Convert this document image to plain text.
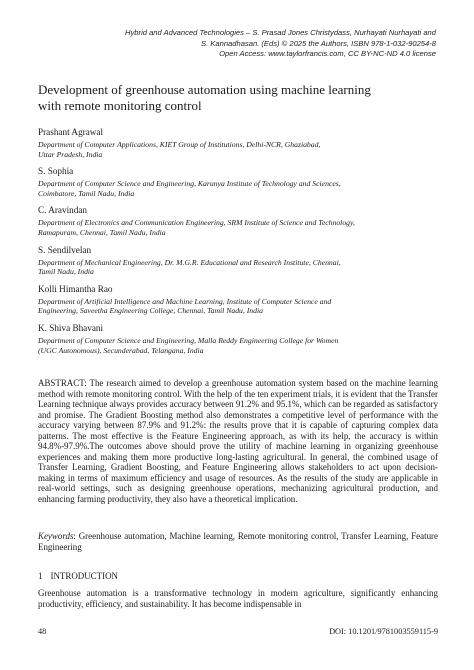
Hybrid and Advanced Technologies – S. Prasad Jones Christydass, Nurhayati Nurhayati and
S. Kannadhasan. (Eds) © 2025 the Authors, ISBN 978-1-032-90254-8
Open Access: www.taylorfrancis.com, CC BY-NC-ND 4.0 license
Development of greenhouse automation using machine learning
with remote monitoring control
Prashant Agrawal
Department of Computer Applications, KIET Group of Institutions, Delhi-NCR, Ghaziabad,
Uttar Pradesh, India
S. Sophia
Department of Computer Science and Engineering, Karunya Institute of Technology and Sciences,
Coimbatore, Tamil Nadu, India
C. Aravindan
Department of Electronics and Communication Engineering, SRM Institute of Science and Technology,
Ramapuram, Chennai, Tamil Nadu, India
S. Sendilvelan
Department of Mechanical Engineering, Dr. M.G.R. Educational and Research Institute, Chennai,
Tamil Nadu, India
Kolli Himantha Rao
Department of Artificial Intelligence and Machine Learning, Institute of Computer Science and
Engineering, Saveetha Engineering College, Chennai, Tamil Nadu, India
K. Shiva Bhavani
Department of Computer Science and Engineering, Malla Reddy Engineering College for Women
(UGC Autonomous), Secunderabad, Telangana, India

ABSTRACT: The research aimed to develop a greenhouse automation system based on the machine learning method with remote monitoring control. With the help of the ten experiment trials, it is evident that the Transfer Learning technique always provides accuracy between 91.2% and 95.1%, which can be regarded as satisfactory and promise. The Gradient Boosting method also demonstrates a competitive level of performance with the accuracy varying between 87.9% and 91.2%: the results prove that it is capable of capturing complex data patterns. The most effective is the Feature Engineering approach, as with its help, the accuracy is within 94.8%-97.9%.The outcomes above should prove the utility of machine learning in organizing greenhouse experiences and making them more productive long-lasting agricultural. In general, the combined usage of Transfer Learning, Gradient Boosting, and Feature Engineering allows stakeholders to act upon decision-making in terms of maximum efficiency and usage of resources. As the results of the study are applicable in real-world settings, such as designing greenhouse operations, mechanizing agricultural production, and enhancing farming productivity, they also have a theoretical implication.

Keywords: Greenhouse automation, Machine learning, Remote monitoring control, Transfer Learning, Feature Engineering

1 INTRODUCTION

Greenhouse automation is a transformative technology in modern agriculture, significantly enhancing productivity, efficiency, and sustainability. It has become indispensable in

48	DOI: 10.1201/9781003559115-9
